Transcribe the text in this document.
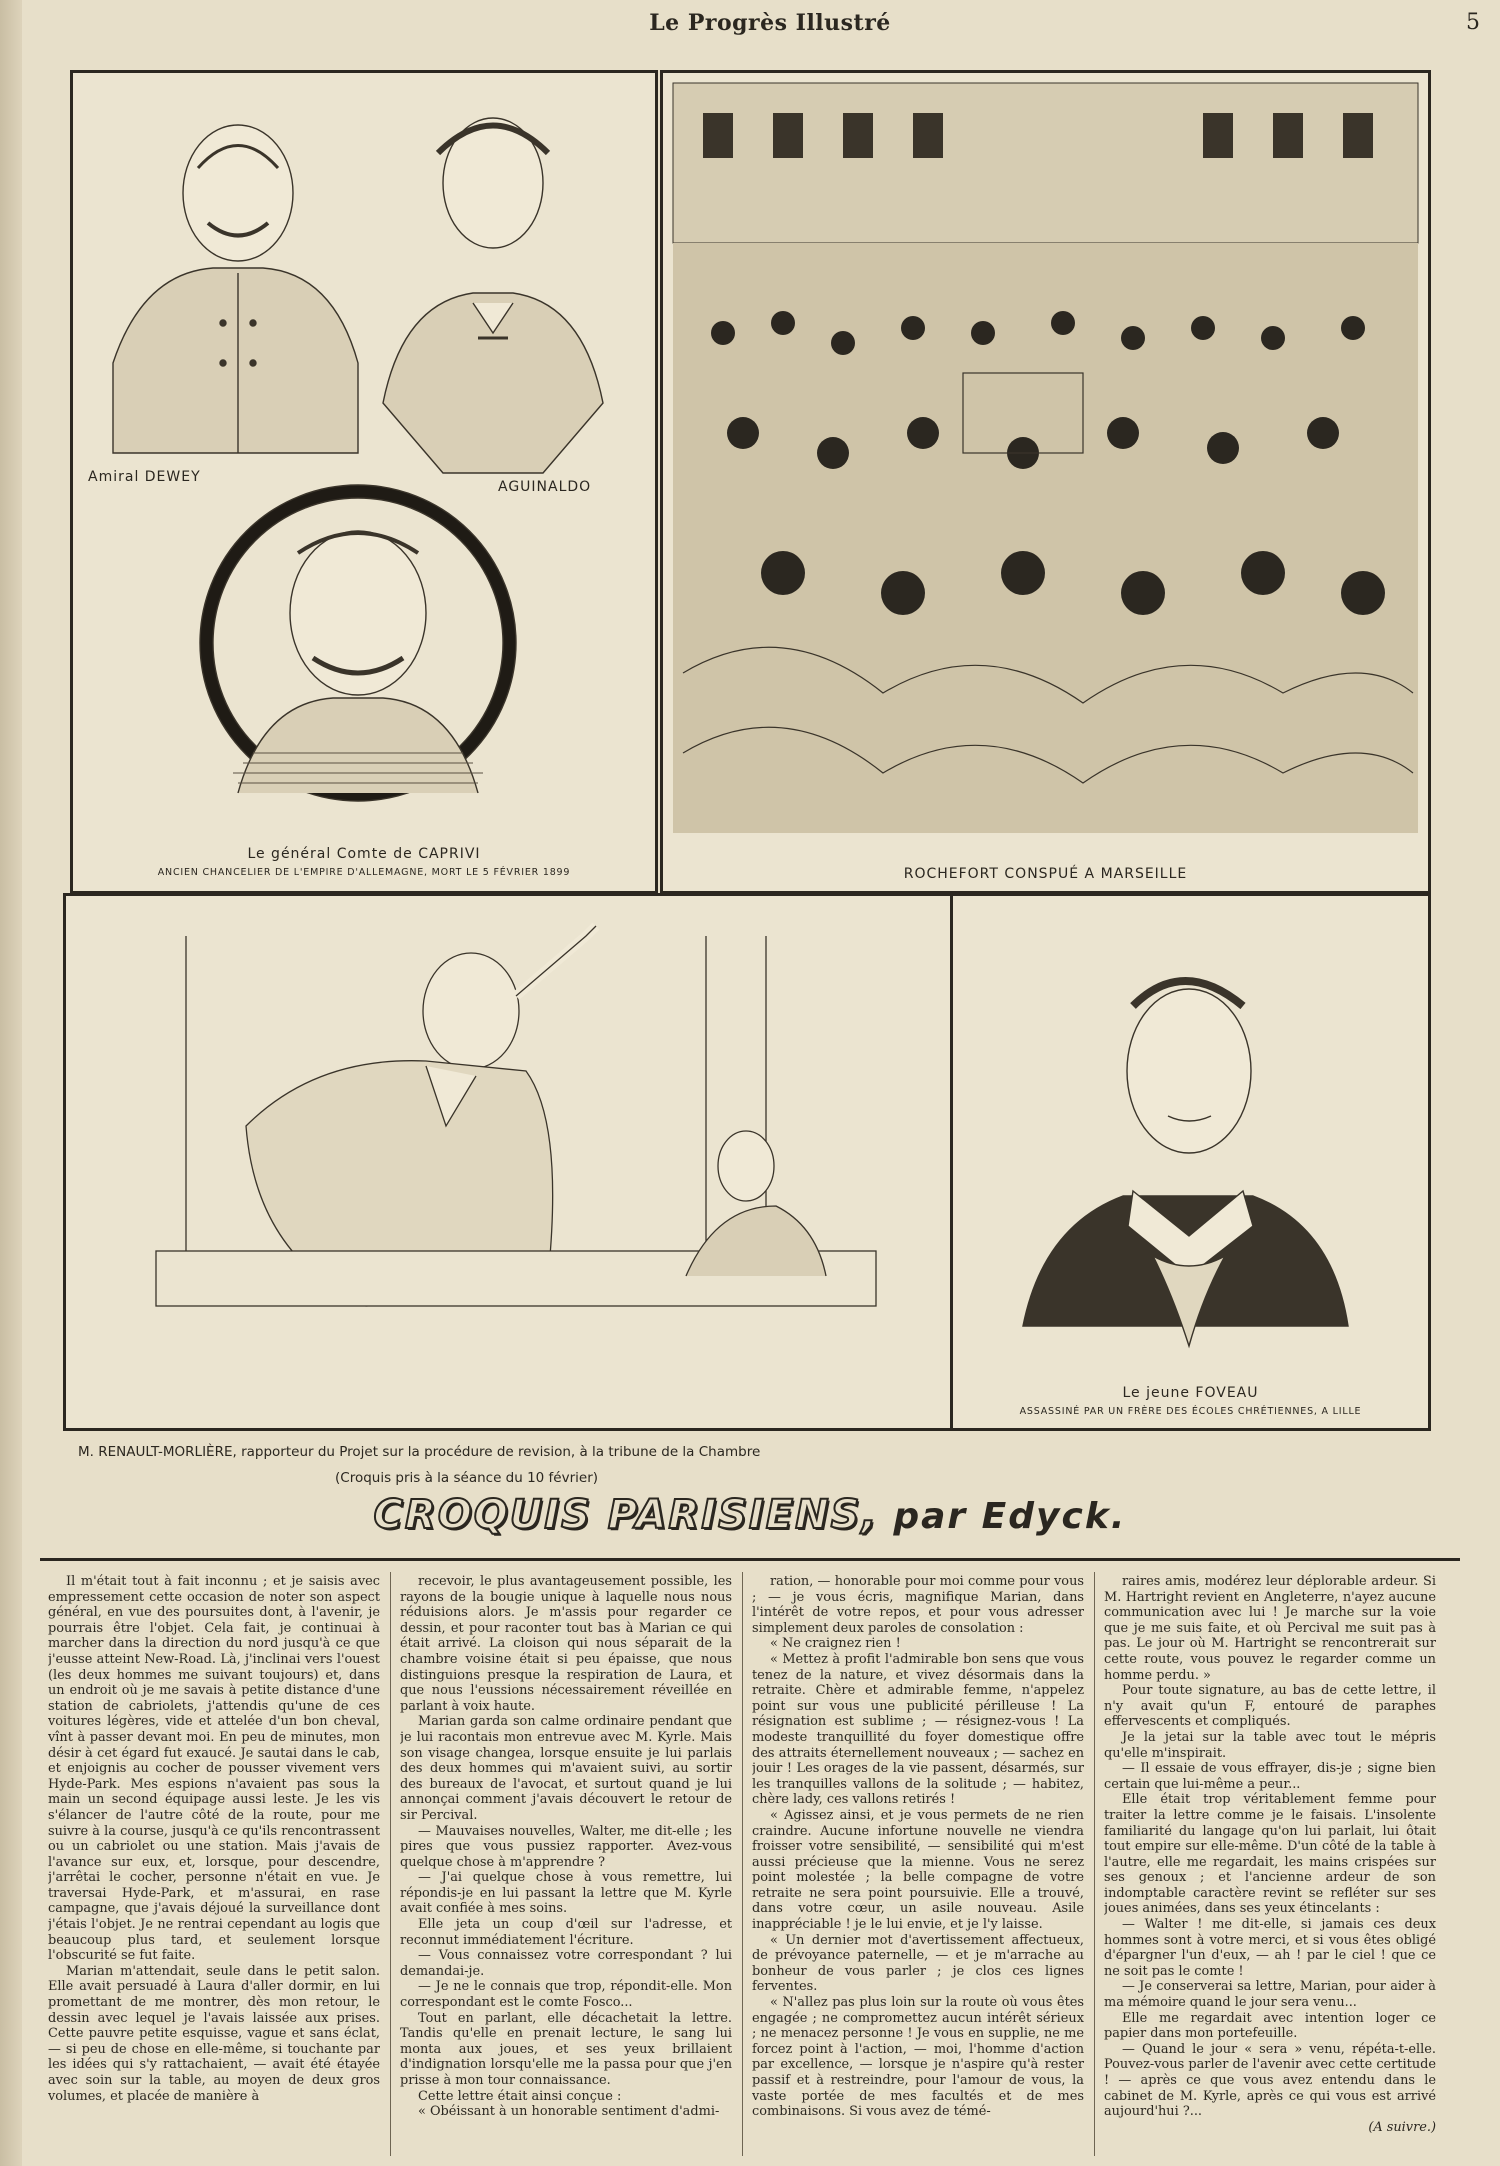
Le Progrès Illustré	5
Amiral DEWEY
AGUINALDO
Le général Comte de CAPRIVI
ANCIEN CHANCELIER DE L'EMPIRE D'ALLEMAGNE, MORT LE 5 FÉVRIER 1899	ROCHEFORT CONSPUÉ A MARSEILLE
M. RENAULT-MORLIÈRE, rapporteur du Projet sur la procédure de revision, à la tribune de la Chambre
(Croquis pris à la séance du 10 février)
Le jeune FOVEAU
ASSASSINÉ PAR UN FRÈRE DES ÉCOLES CHRÉTIENNES, A LILLE
CROQUIS PARISIENS, par Edyck.

Il m'était tout à fait inconnu ; et je saisis avec empressement cette occasion de noter son aspect général, en vue des poursuites dont, à l'avenir, je pourrais être l'objet. Cela fait, je continuai à marcher dans la direction du nord jusqu'à ce que j'eusse atteint New-Road. Là, j'inclinai vers l'ouest (les deux hommes me suivant toujours) et, dans un endroit où je me savais à petite distance d'une station de cabriolets, j'attendis qu'une de ces voitures légères, vide et attelée d'un bon cheval, vînt à passer devant moi. En peu de minutes, mon désir à cet égard fut exaucé. Je sautai dans le cab, et enjoignis au cocher de pousser vivement vers Hyde-Park. Mes espions n'avaient pas sous la main un second équipage aussi leste. Je les vis s'élancer de l'autre côté de la route, pour me suivre à la course, jusqu'à ce qu'ils rencontrassent ou un cabriolet ou une station. Mais j'avais de l'avance sur eux, et, lorsque, pour descendre, j'arrêtai le cocher, personne n'était en vue. Je traversai Hyde-Park, et m'assurai, en rase campagne, que j'avais déjoué la surveillance dont j'étais l'objet. Je ne rentrai cependant au logis que beaucoup plus tard, et seulement lorsque l'obscurité se fut faite.

Marian m'attendait, seule dans le petit salon. Elle avait persuadé à Laura d'aller dormir, en lui promettant de me montrer, dès mon retour, le dessin avec lequel je l'avais laissée aux prises. Cette pauvre petite esquisse, vague et sans éclat, — si peu de chose en elle-même, si touchante par les idées qui s'y rattachaient, — avait été étayée avec soin sur la table, au moyen de deux gros volumes, et placée de manière à

recevoir, le plus avantageusement possible, les rayons de la bougie unique à laquelle nous nous réduisions alors. Je m'assis pour regarder ce dessin, et pour raconter tout bas à Marian ce qui était arrivé. La cloison qui nous séparait de la chambre voisine était si peu épaisse, que nous distinguions presque la respiration de Laura, et que nous l'eussions nécessairement réveillée en parlant à voix haute.

Marian garda son calme ordinaire pendant que je lui racontais mon entrevue avec M. Kyrle. Mais son visage changea, lorsque ensuite je lui parlais des deux hommes qui m'avaient suivi, au sortir des bureaux de l'avocat, et surtout quand je lui annonçai comment j'avais découvert le retour de sir Percival.

— Mauvaises nouvelles, Walter, me dit-elle ; les pires que vous pussiez rapporter. Avez-vous quelque chose à m'apprendre ?

— J'ai quelque chose à vous remettre, lui répondis-je en lui passant la lettre que M. Kyrle avait confiée à mes soins.

Elle jeta un coup d'œil sur l'adresse, et reconnut immédiatement l'écriture.

— Vous connaissez votre correspondant ? lui demandai-je.

— Je ne le connais que trop, répondit-elle. Mon correspondant est le comte Fosco...

Tout en parlant, elle décachetait la lettre. Tandis qu'elle en prenait lecture, le sang lui monta aux joues, et ses yeux brillaient d'indignation lorsqu'elle me la passa pour que j'en prisse à mon tour connaissance.

Cette lettre était ainsi conçue :

« Obéissant à un honorable sentiment d'admi-

ration, — honorable pour moi comme pour vous ; — je vous écris, magnifique Marian, dans l'intérêt de votre repos, et pour vous adresser simplement deux paroles de consolation :

« Ne craignez rien !

« Mettez à profit l'admirable bon sens que vous tenez de la nature, et vivez désormais dans la retraite. Chère et admirable femme, n'appelez point sur vous une publicité périlleuse ! La résignation est sublime ; — résignez-vous ! La modeste tranquillité du foyer domestique offre des attraits éternellement nouveaux ; — sachez en jouir ! Les orages de la vie passent, désarmés, sur les tranquilles vallons de la solitude ; — habitez, chère lady, ces vallons retirés !

« Agissez ainsi, et je vous permets de ne rien craindre. Aucune infortune nouvelle ne viendra froisser votre sensibilité, — sensibilité qui m'est aussi précieuse que la mienne. Vous ne serez point molestée ; la belle compagne de votre retraite ne sera point poursuivie. Elle a trouvé, dans votre cœur, un asile nouveau. Asile inappréciable ! je le lui envie, et je l'y laisse.

« Un dernier mot d'avertissement affectueux, de prévoyance paternelle, — et je m'arrache au bonheur de vous parler ; je clos ces lignes ferventes.

« N'allez pas plus loin sur la route où vous êtes engagée ; ne compromettez aucun intérêt sérieux ; ne menacez personne ! Je vous en supplie, ne me forcez point à l'action, — moi, l'homme d'action par excellence, — lorsque je n'aspire qu'à rester passif et à restreindre, pour l'amour de vous, la vaste portée de mes facultés et de mes combinaisons. Si vous avez de témé-

raires amis, modérez leur déplorable ardeur. Si M. Hartright revient en Angleterre, n'ayez aucune communication avec lui ! Je marche sur la voie que je me suis faite, et où Percival me suit pas à pas. Le jour où M. Hartright se rencontrerait sur cette route, vous pouvez le regarder comme un homme perdu. »

Pour toute signature, au bas de cette lettre, il n'y avait qu'un F, entouré de paraphes effervescents et compliqués.

Je la jetai sur la table avec tout le mépris qu'elle m'inspirait.

— Il essaie de vous effrayer, dis-je ; signe bien certain que lui-même a peur...

Elle était trop véritablement femme pour traiter la lettre comme je le faisais. L'insolente familiarité du langage qu'on lui parlait, lui ôtait tout empire sur elle-même. D'un côté de la table à l'autre, elle me regardait, les mains crispées sur ses genoux ; et l'ancienne ardeur de son indomptable caractère revint se refléter sur ses joues animées, dans ses yeux étincelants :

— Walter ! me dit-elle, si jamais ces deux hommes sont à votre merci, et si vous êtes obligé d'épargner l'un d'eux, — ah ! par le ciel ! que ce ne soit pas le comte !

— Je conserverai sa lettre, Marian, pour aider à ma mémoire quand le jour sera venu...

Elle me regardait avec intention loger ce papier dans mon portefeuille.

— Quand le jour « sera » venu, répéta-t-elle. Pouvez-vous parler de l'avenir avec cette certitude ! — après ce que vous avez entendu dans le cabinet de M. Kyrle, après ce qui vous est arrivé aujourd'hui ?...

(A suivre.)
